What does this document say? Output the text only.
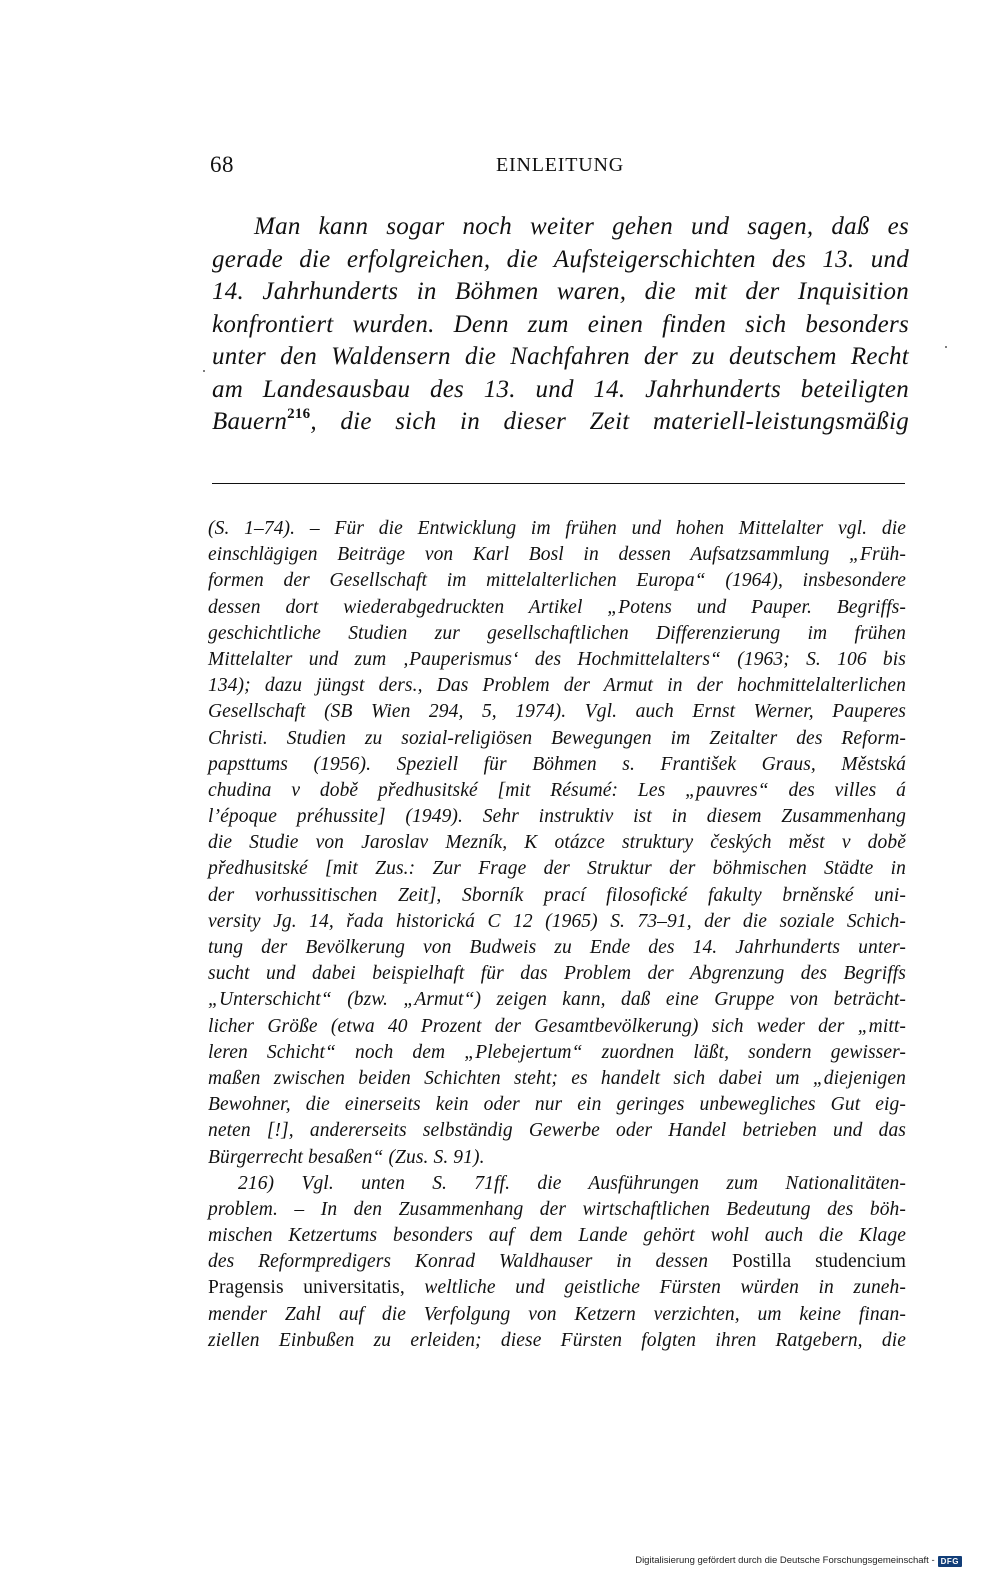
68	EINLEITUNG
Man kann sogar noch weiter gehen und sagen, daß es
gerade die erfolgreichen, die Aufsteigerschichten des 13. und
14. Jahrhunderts in Böhmen waren, die mit der Inquisition
konfrontiert wurden. Denn zum einen finden sich besonders
unter den Waldensern die Nachfahren der zu deutschem Recht
am Landesausbau des 13. und 14. Jahrhunderts beteiligten
Bauern$^{216}$, die sich in dieser Zeit materiell-leistungsmäßig
(S. 1–74). – Für die Entwicklung im frühen und hohen Mittelalter vgl. die
einschlägigen Beiträge von Karl Bosl in dessen Aufsatzsammlung „Früh-
formen der Gesellschaft im mittelalterlichen Europa“ (1964), insbesondere
dessen dort wiederabgedruckten Artikel „Potens und Pauper. Begriffs-
geschichtliche Studien zur gesellschaftlichen Differenzierung im frühen
Mittelalter und zum ‚Pauperismus‘ des Hochmittelalters“ (1963; S. 106 bis
134); dazu jüngst ders., Das Problem der Armut in der hochmittelalterlichen
Gesellschaft (SB Wien 294, 5, 1974). Vgl. auch Ernst Werner, Pauperes
Christi. Studien zu sozial-religiösen Bewegungen im Zeitalter des Reform-
papsttums (1956). Speziell für Böhmen s. František Graus, Městská
chudina v době předhusitské [mit Résumé: Les „pauvres“ des villes á
l’époque préhussite] (1949). Sehr instruktiv ist in diesem Zusammenhang
die Studie von Jaroslav Mezník, K otázce struktury českých měst v době
předhusitské [mit Zus.: Zur Frage der Struktur der böhmischen Städte in
der vorhussitischen Zeit], Sborník prací filosofické fakulty brněnské uni-
versity Jg. 14, řada historická C 12 (1965) S. 73–91, der die soziale Schich-
tung der Bevölkerung von Budweis zu Ende des 14. Jahrhunderts unter-
sucht und dabei beispielhaft für das Problem der Abgrenzung des Begriffs
„Unterschicht“ (bzw. „Armut“) zeigen kann, daß eine Gruppe von beträcht-
licher Größe (etwa 40 Prozent der Gesamtbevölkerung) sich weder der „mitt-
leren Schicht“ noch dem „Plebejertum“ zuordnen läßt, sondern gewisser-
maßen zwischen beiden Schichten steht; es handelt sich dabei um „diejenigen
Bewohner, die einerseits kein oder nur ein geringes unbewegliches Gut eig-
neten [!], andererseits selbständig Gewerbe oder Handel betrieben und das
Bürgerrecht besaßen“ (Zus. S. 91).
216) Vgl. unten S. 71ff. die Ausführungen zum Nationalitäten-
problem. – In den Zusammenhang der wirtschaftlichen Bedeutung des böh-
mischen Ketzertums besonders auf dem Lande gehört wohl auch die Klage
des Reformpredigers Konrad Waldhauser in dessen Postilla studencium
Pragensis universitatis, weltliche und geistliche Fürsten würden in zuneh-
mender Zahl auf die Verfolgung von Ketzern verzichten, um keine finan-
ziellen Einbußen zu erleiden; diese Fürsten folgten ihren Ratgebern, die
Digitalisierung gefördert durch die Deutsche Forschungsgemeinschaft - DFG
